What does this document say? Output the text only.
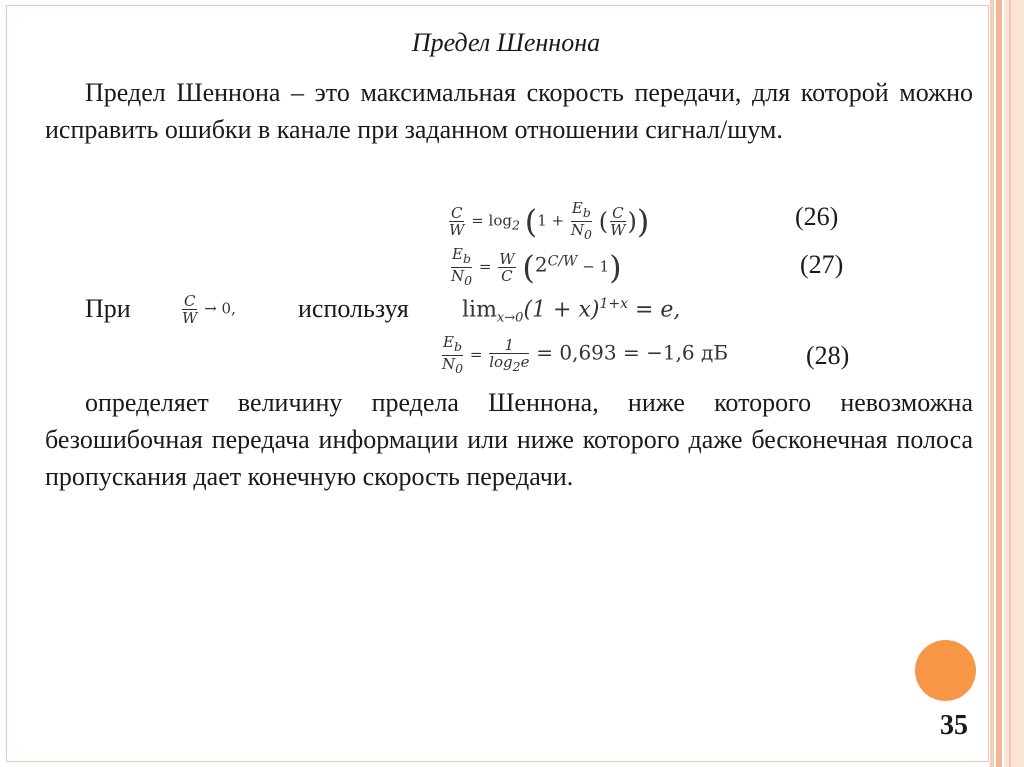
Предел Шеннона
Предел Шеннона – это максимальная скорость передачи, для которой можно исправить ошибки в канале при заданном отношении сигнал/шум.
$\frac{C}{W} = \log_2 (1 + \frac{E_b}{N_0}$ ( $\frac{C}{W}$ ))	(26)
$\frac{E_b}{N_0} = \frac{W}{C} (2^{C/W} - 1)$	(27)
При	$\frac{C}{W} \to 0$, используя $\lim_{x\to 0}(1 + x)^{1+x} = e$,
$\frac{E_b}{N_0} = \frac{1}{\log_2e} = 0,693 = -1,6$ дБ	(28)
определяет величину предела Шеннона, ниже которого невозможна безошибочная передача информации или ниже которого даже бесконечная полоса пропускания дает конечную скорость передачи.
35
